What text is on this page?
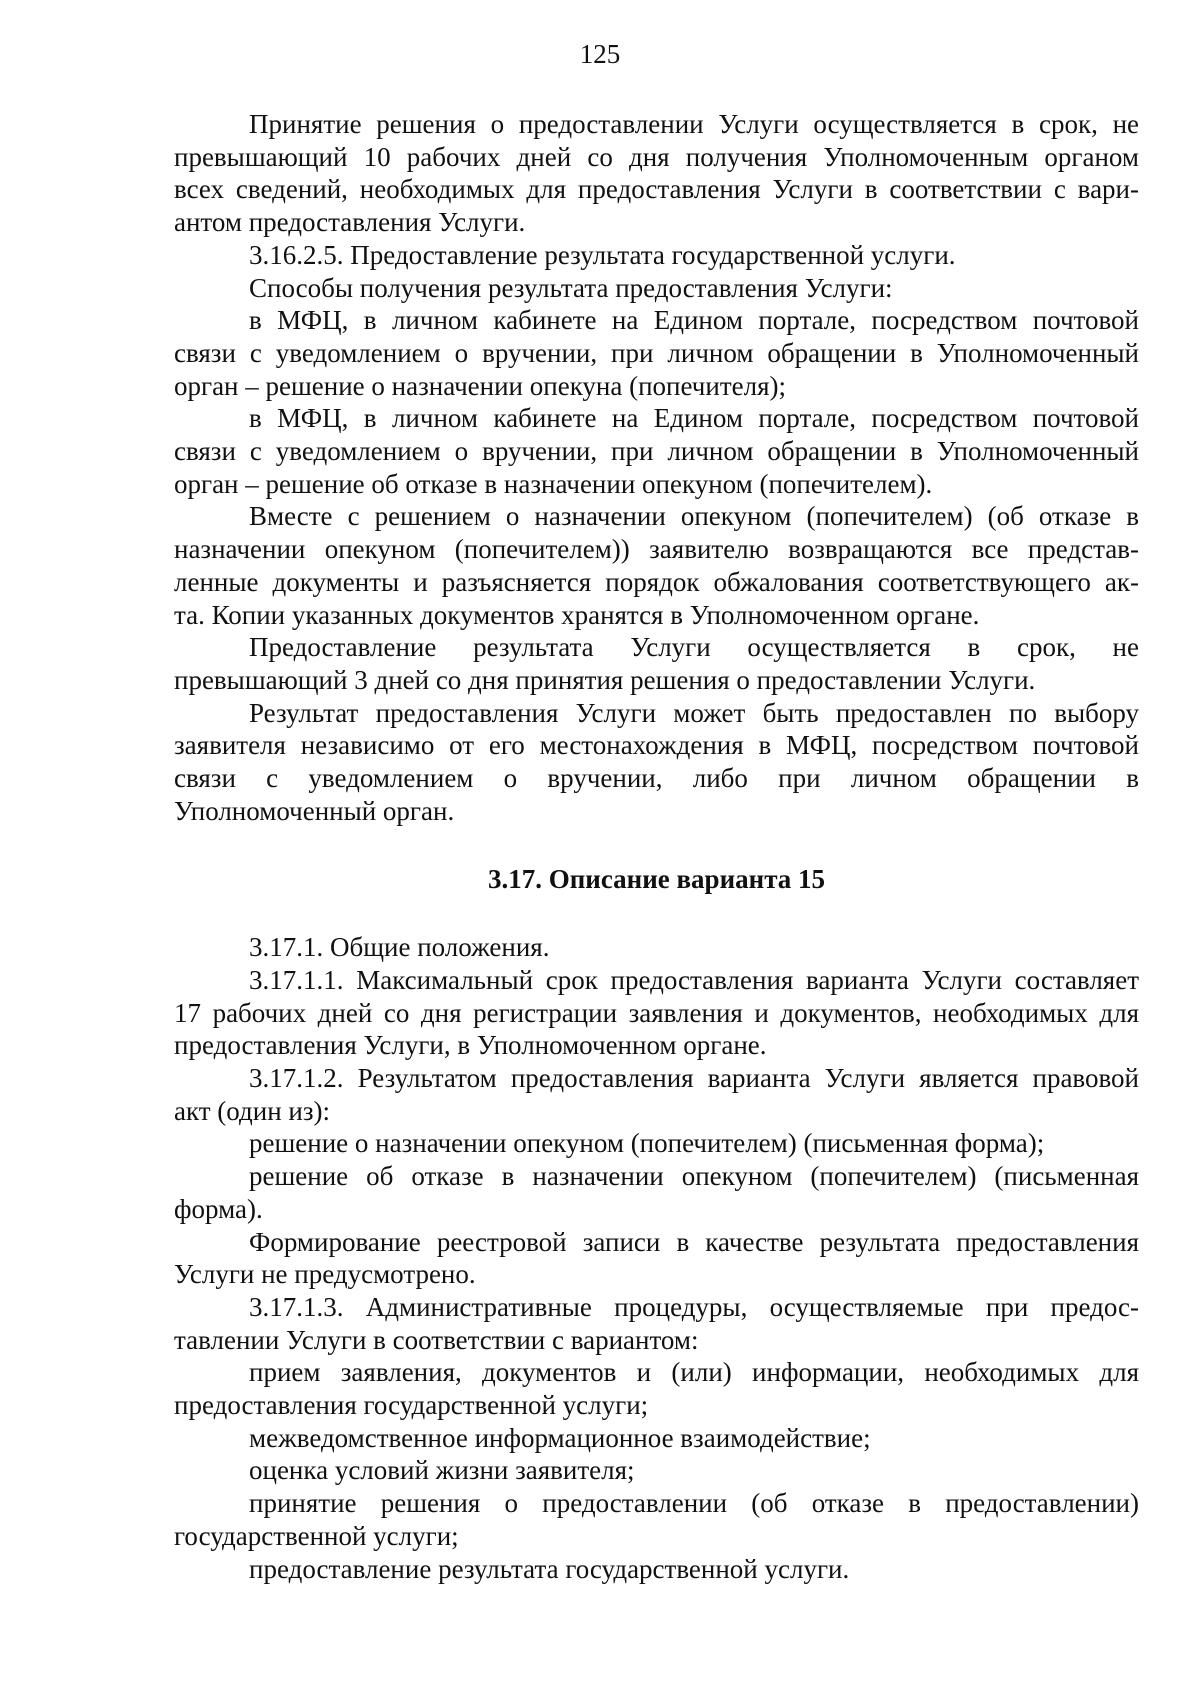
125
Принятие решения о предоставлении Услуги осуществляется в срок, не
превышающий 10 рабочих дней со дня получения Уполномоченным органом
всех сведений, необходимых для предоставления Услуги в соответствии с вари-
антом предоставления Услуги.
3.16.2.5. Предоставление результата государственной услуги.
Способы получения результата предоставления Услуги:
в МФЦ, в личном кабинете на Едином портале, посредством почтовой
связи с уведомлением о вручении, при личном обращении в Уполномоченный
орган – решение о назначении опекуна (попечителя);
в МФЦ, в личном кабинете на Едином портале, посредством почтовой
связи с уведомлением о вручении, при личном обращении в Уполномоченный
орган – решение об отказе в назначении опекуном (попечителем).
Вместе с решением о назначении опекуном (попечителем) (об отказе в
назначении опекуном (попечителем)) заявителю возвращаются все представ-
ленные документы и разъясняется порядок обжалования соответствующего ак-
та. Копии указанных документов хранятся в Уполномоченном органе.
Предоставление результата Услуги осуществляется в срок, не
превышающий 3 дней со дня принятия решения о предоставлении Услуги.
Результат предоставления Услуги может быть предоставлен по выбору
заявителя независимо от его местонахождения в МФЦ, посредством почтовой
связи с уведомлением о вручении, либо при личном обращении в
Уполномоченный орган.
3.17. Описание варианта 15
3.17.1. Общие положения.
3.17.1.1. Максимальный срок предоставления варианта Услуги составляет
17 рабочих дней со дня регистрации заявления и документов, необходимых для
предоставления Услуги, в Уполномоченном органе.
3.17.1.2. Результатом предоставления варианта Услуги является правовой
акт (один из):
решение о назначении опекуном (попечителем) (письменная форма);
решение об отказе в назначении опекуном (попечителем) (письменная
форма).
Формирование реестровой записи в качестве результата предоставления
Услуги не предусмотрено.
3.17.1.3. Административные процедуры, осуществляемые при предос-
тавлении Услуги в соответствии с вариантом:
прием заявления, документов и (или) информации, необходимых для
предоставления государственной услуги;
межведомственное информационное взаимодействие;
оценка условий жизни заявителя;
принятие решения о предоставлении (об отказе в предоставлении)
государственной услуги;
предоставление результата государственной услуги.
